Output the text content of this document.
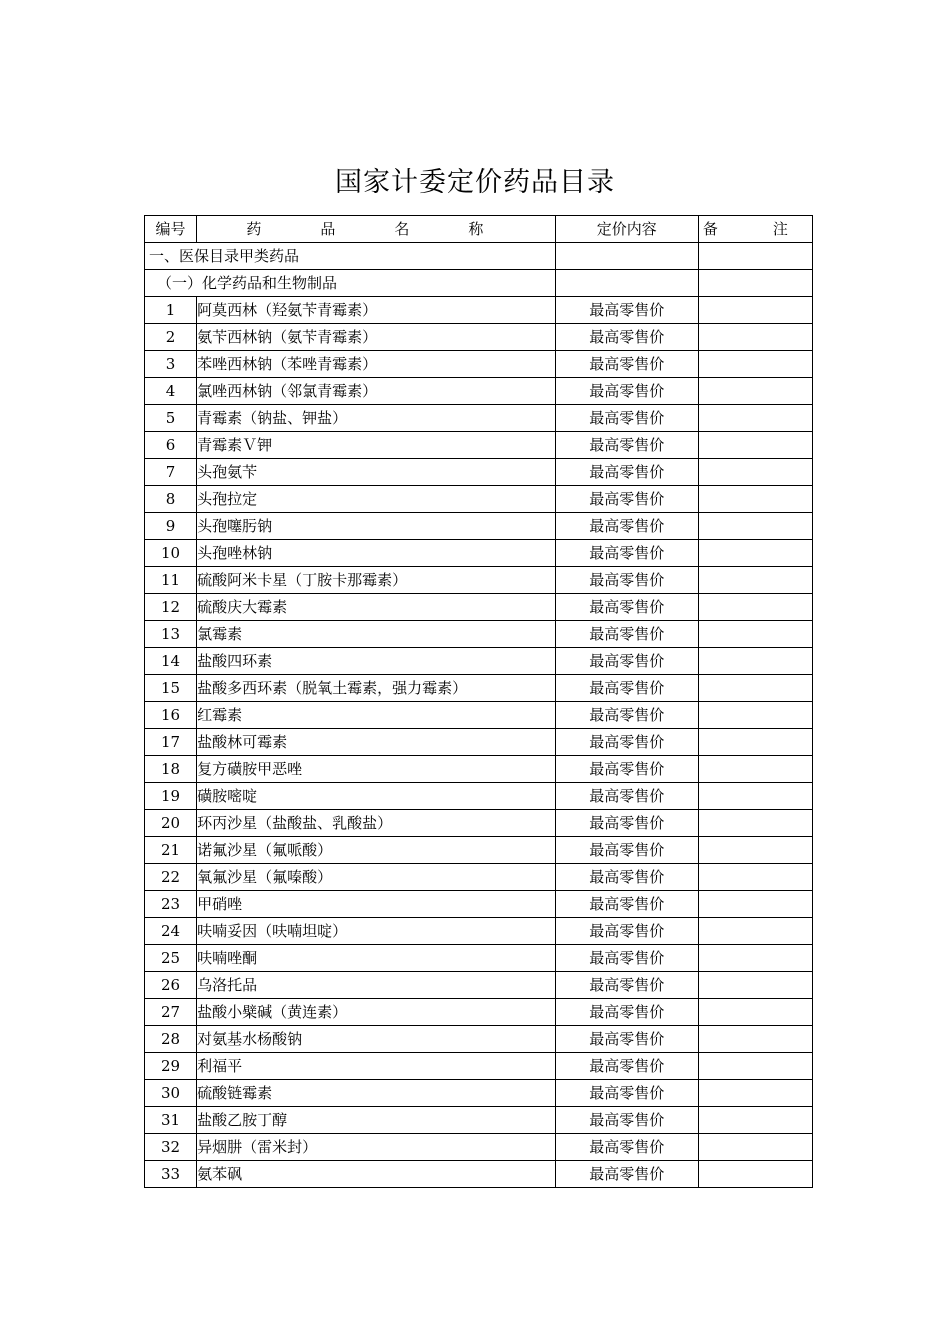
国家计委定价药品目录
编号	药　品　名　称	定价内容	备　注
一、医保目录甲类药品			
（一）化学药品和生物制品			
1	阿莫西林（羟氨苄青霉素）	最高零售价	
2	氨苄西林钠（氨苄青霉素）	最高零售价	
3	苯唑西林钠（苯唑青霉素）	最高零售价	
4	氯唑西林钠（邻氯青霉素）	最高零售价	
5	青霉素（钠盐、钾盐）	最高零售价	
6	青霉素Ｖ钾	最高零售价	
7	头孢氨苄	最高零售价	
8	头孢拉定	最高零售价	
9	头孢噻肟钠	最高零售价	
10	头孢唑林钠	最高零售价	
11	硫酸阿米卡星（丁胺卡那霉素）	最高零售价	
12	硫酸庆大霉素	最高零售价	
13	氯霉素	最高零售价	
14	盐酸四环素	最高零售价	
15	盐酸多西环素（脱氧土霉素，强力霉素）	最高零售价	
16	红霉素	最高零售价	
17	盐酸林可霉素	最高零售价	
18	复方磺胺甲恶唑	最高零售价	
19	磺胺嘧啶	最高零售价	
20	环丙沙星（盐酸盐、乳酸盐）	最高零售价	
21	诺氟沙星（氟哌酸）	最高零售价	
22	氧氟沙星（氟嗪酸）	最高零售价	
23	甲硝唑	最高零售价	
24	呋喃妥因（呋喃坦啶）	最高零售价	
25	呋喃唑酮	最高零售价	
26	乌洛托品	最高零售价	
27	盐酸小檗碱（黄连素）	最高零售价	
28	对氨基水杨酸钠	最高零售价	
29	利福平	最高零售价	
30	硫酸链霉素	最高零售价	
31	盐酸乙胺丁醇	最高零售价	
32	异烟肼（雷米封）	最高零售价	
33	氨苯砜	最高零售价	
